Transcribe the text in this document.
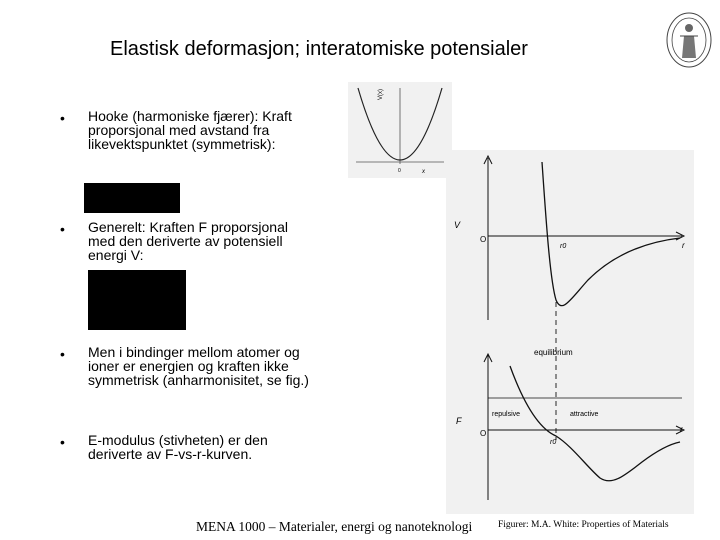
Elastisk deformasjon; interatomiske potensialer
• Hooke (harmoniske fjærer): Kraft
proporsjonal med avstand fra
likevektspunktet (symmetrisk):
• Generelt: Kraften F proporsjonal
med den deriverte av potensiell
energi V:
• Men i bindinger mellom atomer og
ioner er energien og kraften ikke
symmetrisk (anharmonisitet, se fig.)
• E-modulus (stivheten) er den
deriverte av F-vs-r-kurven.
V(x)
x
0
V
O
r
r0
equilibrium
repulsive	attractive
F
O	r
r0
MENA 1000 – Materialer, energi og nanoteknologi	Figurer: M.A. White: Properties of Materials
